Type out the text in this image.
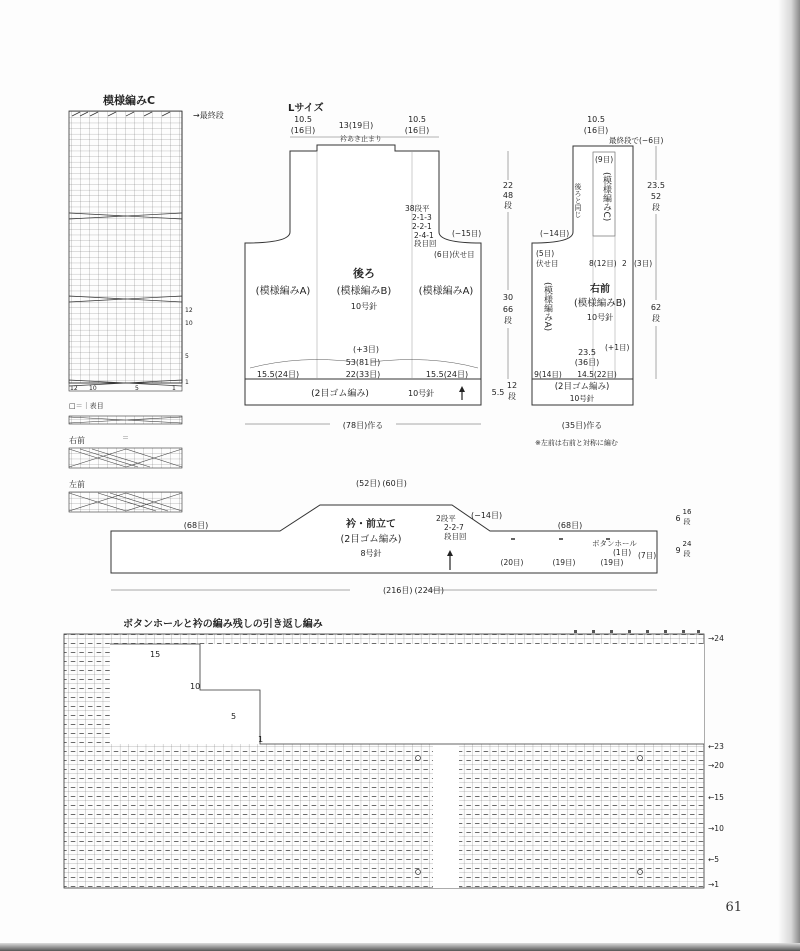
模様編みC
→最終段
12
10
5
1
12 10	5	1
□＝｜表目
＝
右前
左前
Lサイズ
10.5
(16目)
13(19目)
10.5
(16目)
衿あき止まり
38段平
2-1-3
2-2-1
2-4-1
段目回
(−15目)
(6目)伏せ目
後ろ
(模様編みB)
10号針
(模様編みA)	(模様編みA)
(+3目)
53(81目)
22(33目)
15.5(24目)	15.5(24目)
(2目ゴム編み)	10号針
(78目)作る
22
48
段
30
66
段
5.5
12
段
10.5
(16目)
最終段で(−6目)
(9目)
(模様編みC)
後ろと同じ
(−14目)
(5目)
伏せ目	8(12目) 2 (3目)
右前
(模様編みB)
10号針
(模様編みA)
(+1目)
23.5
(36目)
9(14目) 14.5(22目)
(2目ゴム編み)
10号針
(35目)作る
※左前は右前と対称に編む
23.5
52
段
62
段
(52目) (60目)
(68目)	(68目)
(−14目)
2段平
2-2-7
段目回
衿・前立て
(2目ゴム編み)
8号針
ボタンホール
(1目) (7目)
(20目)	(19目)	(19目)
(216目) (224目)
6
16
段
9
24
段
ボタンホールと衿の編み残しの引き返し編み
15
10
5
1
→24
←23
→20
←15
→10
←5
→1
61
